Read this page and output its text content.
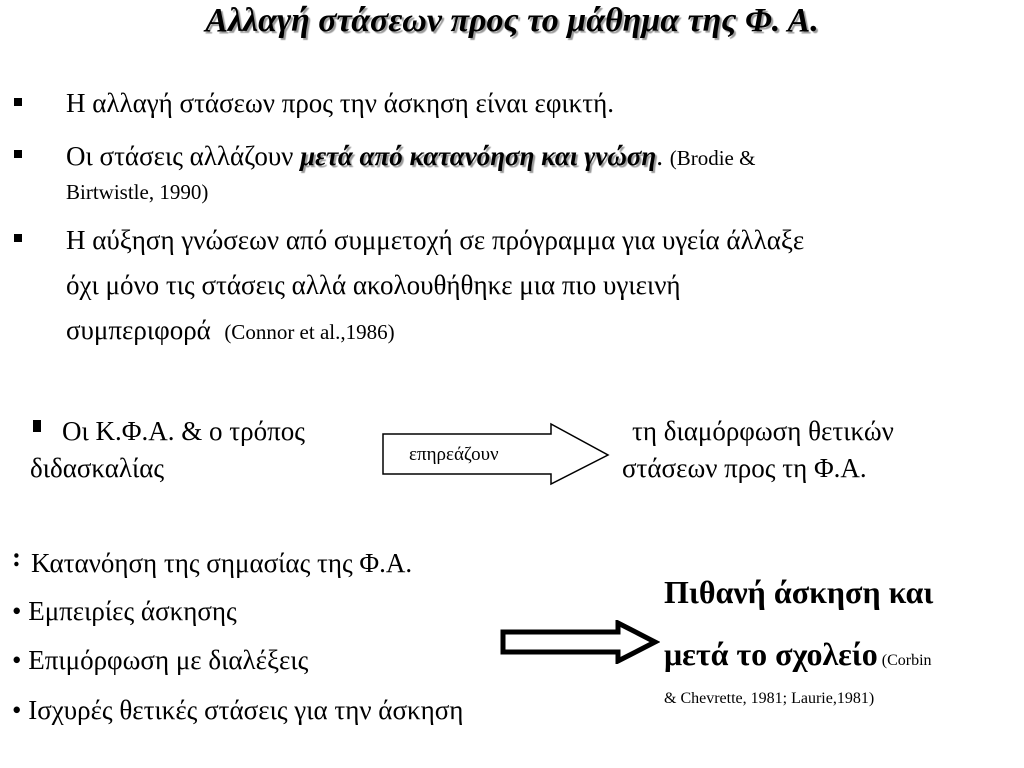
Αλλαγή στάσεων προς το μάθημα της Φ. Α.
Η αλλαγή στάσεων προς την άσκηση είναι εφικτή.
Οι στάσεις αλλάζουν μετά από κατανόηση και γνώση. (Brodie &
Birtwistle, 1990)
Η αύξηση γνώσεων από συμμετοχή σε πρόγραμμα για υγεία άλλαξε
όχι μόνο τις στάσεις αλλά ακολουθήθηκε μια πιο υγιεινή
συμπεριφορά (Connor et al.,1986)
Οι Κ.Φ.Α. & ο τρόπος
διδασκαλίας	επηρεάζουν
τη διαμόρφωση θετικών
στάσεων προς τη Φ.Α.
: Κατανόηση της σημασίας της Φ.Α.
• Εμπειρίες άσκησης
• Επιμόρφωση με διαλέξεις
• Ισχυρές θετικές στάσεις για την άσκηση
Πιθανή άσκηση και
μετά το σχολείο (Corbin
& Chevrette, 1981; Laurie,1981)
